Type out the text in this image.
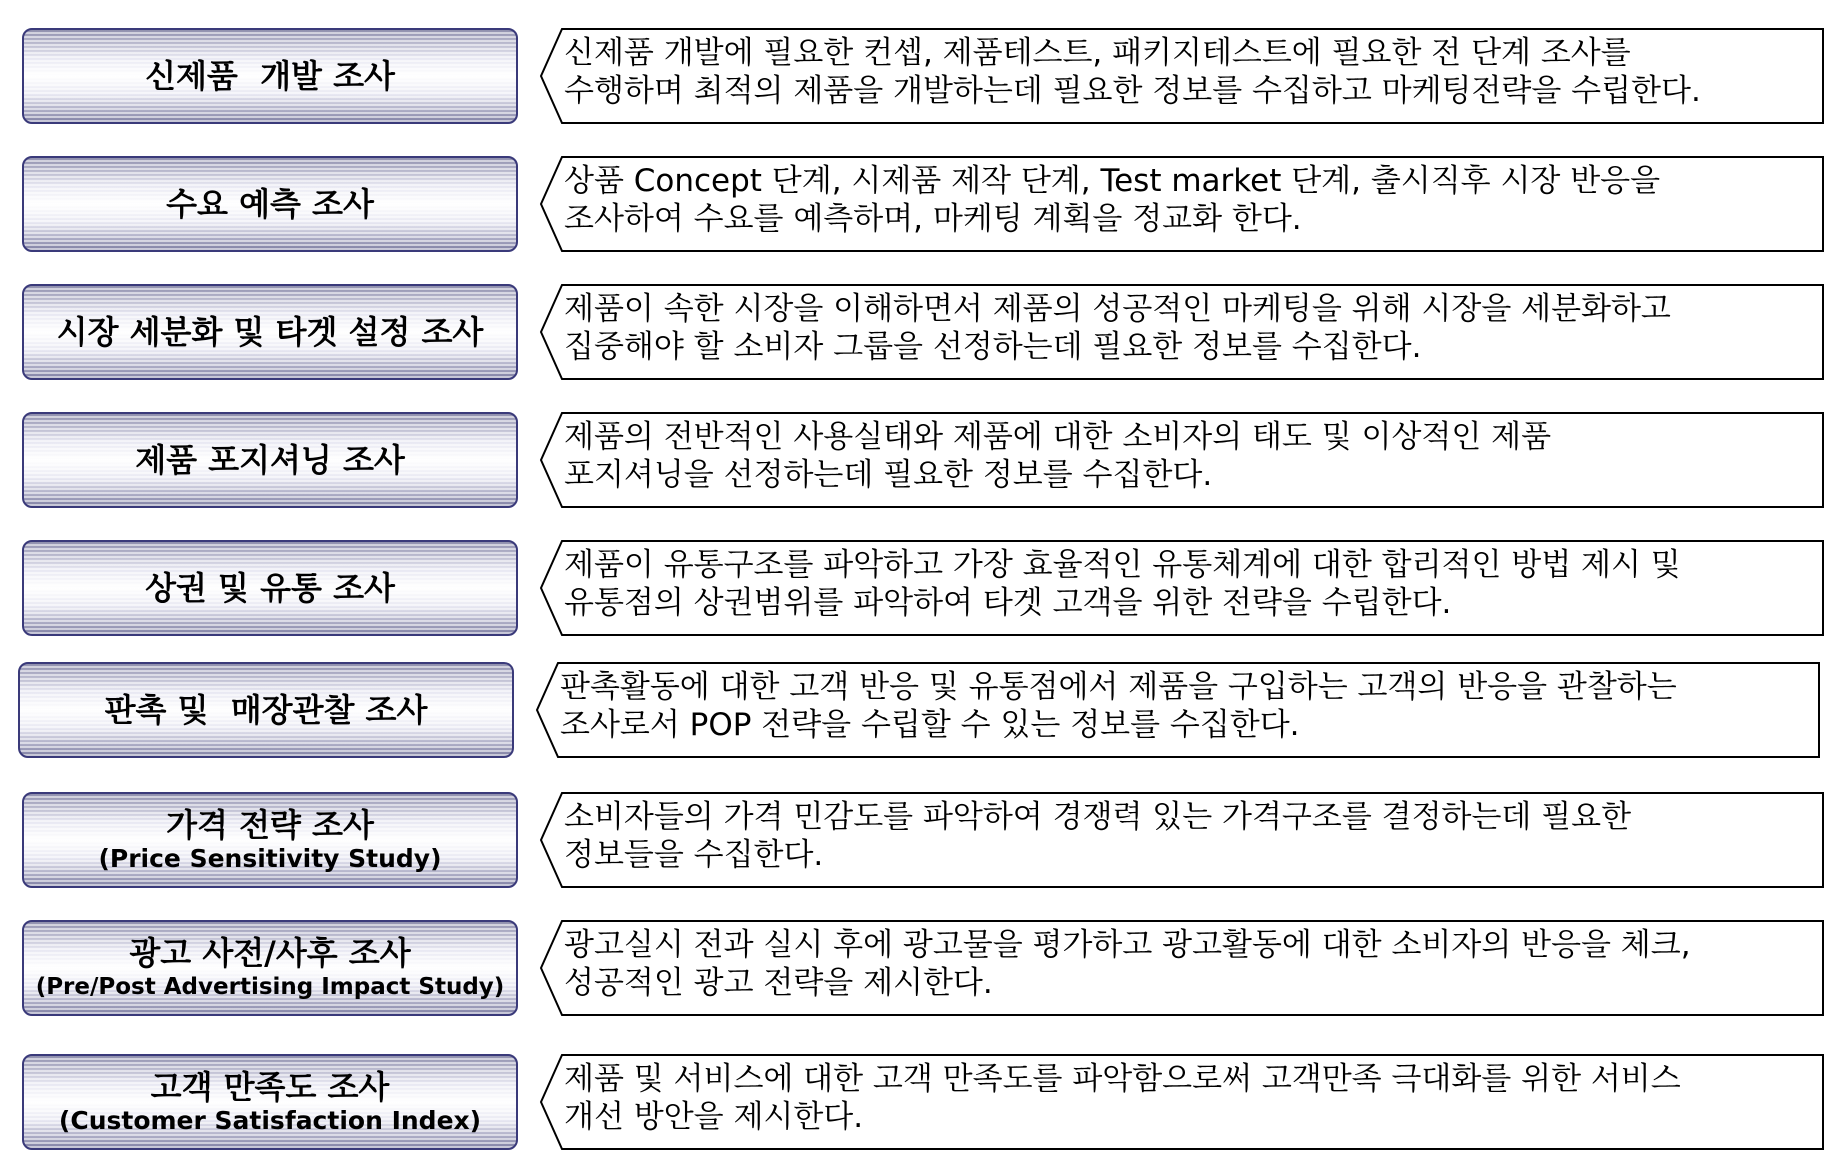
신제품  개발 조사
신제품 개발에 필요한 컨셉, 제품테스트, 패키지테스트에 필요한 전 단계 조사를
수행하며 최적의 제품을 개발하는데 필요한 정보를 수집하고 마케팅전략을 수립한다.
수요 예측 조사
상품 Concept 단계, 시제품 제작 단계, Test market 단계, 출시직후 시장 반응을
조사하여 수요를 예측하며, 마케팅 계획을 정교화 한다.
시장 세분화 및 타겟 설정 조사
제품이 속한 시장을 이해하면서 제품의 성공적인 마케팅을 위해 시장을 세분화하고
집중해야 할 소비자 그룹을 선정하는데 필요한 정보를 수집한다.
제품 포지셔닝 조사
제품의 전반적인 사용실태와 제품에 대한 소비자의 태도 및 이상적인 제품
포지셔닝을 선정하는데 필요한 정보를 수집한다.
상권 및 유통 조사
제품이 유통구조를 파악하고 가장 효율적인 유통체계에 대한 합리적인 방법 제시 및
유통점의 상권범위를 파악하여 타겟 고객을 위한 전략을 수립한다.
판촉 및  매장관찰 조사
판촉활동에 대한 고객 반응 및 유통점에서 제품을 구입하는 고객의 반응을 관찰하는
조사로서 POP 전략을 수립할 수 있는 정보를 수집한다.
가격 전략 조사
(Price Sensitivity Study)
소비자들의 가격 민감도를 파악하여 경쟁력 있는 가격구조를 결정하는데 필요한
정보들을 수집한다.
광고 사전/사후 조사
(Pre/Post Advertising Impact Study)
광고실시 전과 실시 후에 광고물을 평가하고 광고활동에 대한 소비자의 반응을 체크,
성공적인 광고 전략을 제시한다.
고객 만족도 조사
(Customer Satisfaction Index)
제품 및 서비스에 대한 고객 만족도를 파악함으로써 고객만족 극대화를 위한 서비스
개선 방안을 제시한다.
